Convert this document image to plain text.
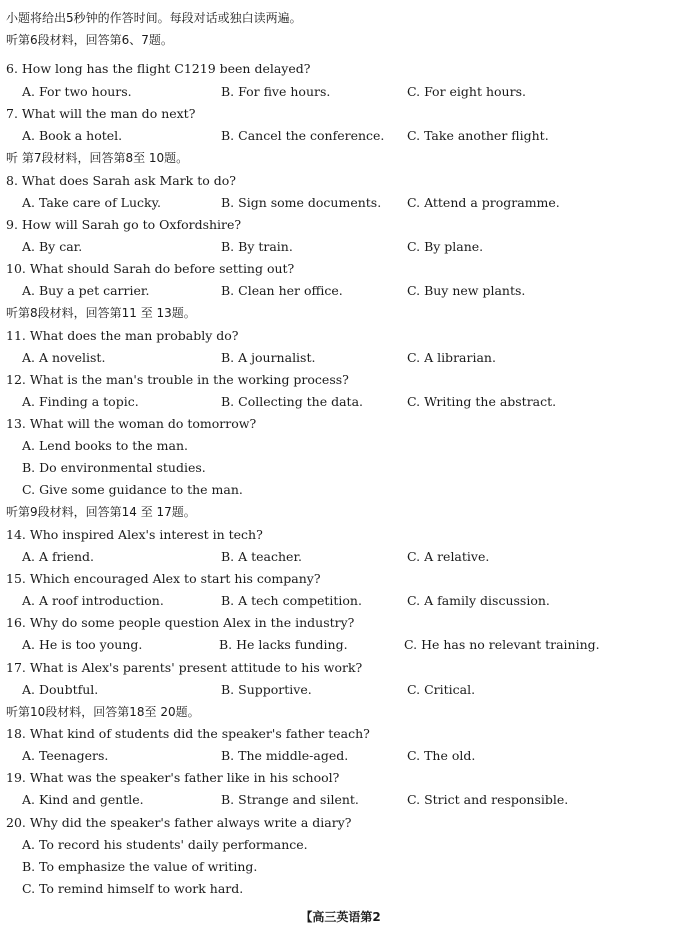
小题将给出5秒钟的作答时间。每段对话或独白读两遍。
听第6段材料，回答第6、7题。
6. How long has the flight C1219 been delayed?
A. For two hours.	B. For five hours.	C. For eight hours.
7. What will the man do next?
A. Book a hotel.	B. Cancel the conference. C. Take another flight.
听 第7段材料，回答第8至 10题。
8. What does Sarah ask Mark to do?
A. Take care of Lucky.	B. Sign some documents. C. Attend a programme.
9. How will Sarah go to Oxfordshire?
A. By car.	B. By train.	C. By plane.
10. What should Sarah do before setting out?
A. Buy a pet carrier.	B. Clean her office.	C. Buy new plants.
听第8段材料，回答第11 至 13题。
11. What does the man probably do?
A. A novelist.	B. A journalist.	C. A librarian.
12. What is the man's trouble in the working process?
A. Finding a topic.	B. Collecting the data.	C. Writing the abstract.
13. What will the woman do tomorrow?
A. Lend books to the man.
B. Do environmental studies.
C. Give some guidance to the man.
听第9段材料，回答第14 至 17题。
14. Who inspired Alex's interest in tech?
A. A friend.	B. A teacher.	C. A relative.
15. Which encouraged Alex to start his company?
A. A roof introduction.	B. A tech competition.	C. A family discussion.
16. Why do some people question Alex in the industry?
A. He is too young.	B. He lacks funding.	C. He has no relevant training.
17. What is Alex's parents' present attitude to his work?
A. Doubtful.	B. Supportive.	C. Critical.
听第10段材料，回答第18至 20题。
18. What kind of students did the speaker's father teach?
A. Teenagers.	B. The middle-aged.	C. The old.
19. What was the speaker's father like in his school?
A. Kind and gentle.	B. Strange and silent.	C. Strict and responsible.
20. Why did the speaker's father always write a diary?
A. To record his students' daily performance.
B. To emphasize the value of writing.
C. To remind himself to work hard.
【高三英语第2
